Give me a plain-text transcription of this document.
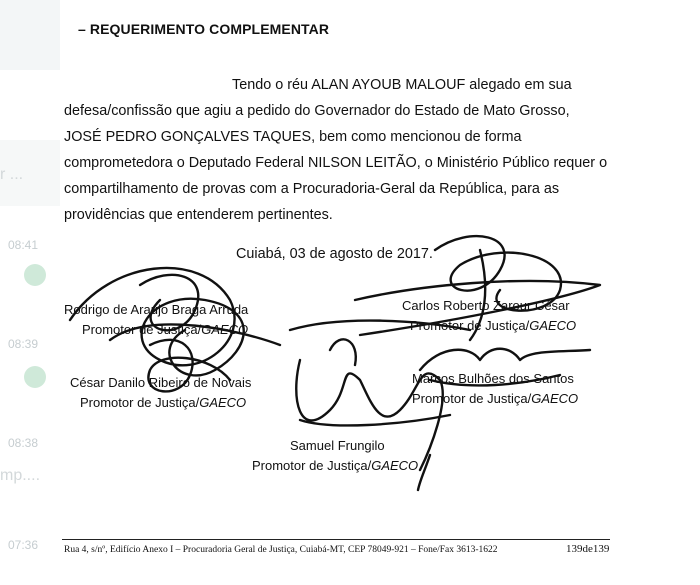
r ...
08:41
08:39
08:38
mp....
07:36
– REQUERIMENTO COMPLEMENTAR
Tendo o réu ALAN AYOUB MALOUF alegado em sua
defesa/confissão que agiu a pedido do Governador do Estado de Mato Grosso,
JOSÉ PEDRO GONÇALVES TAQUES, bem como mencionou de forma
comprometedora o Deputado Federal NILSON LEITÃO, o Ministério Público requer o
compartilhamento de provas com a Procuradoria-Geral da República, para as
providências que entenderem pertinentes.
Cuiabá, 03 de agosto de 2017.
Rodrigo de Araújo Braga Arruda
Promotor de Justiça/GAECO
Carlos Roberto Zarour César
Promotor de Justiça/GAECO
César Danilo Ribeiro de Novais
Promotor de Justiça/GAECO
Marcos Bulhões dos Santos
Promotor de Justiça/GAECO
Samuel Frungilo
Promotor de Justiça/GAECO
Rua 4, s/nº, Edifício Anexo I – Procuradoria Geral de Justiça, Cuiabá-MT, CEP 78049-921 – Fone/Fax 3613-1622	139de139
